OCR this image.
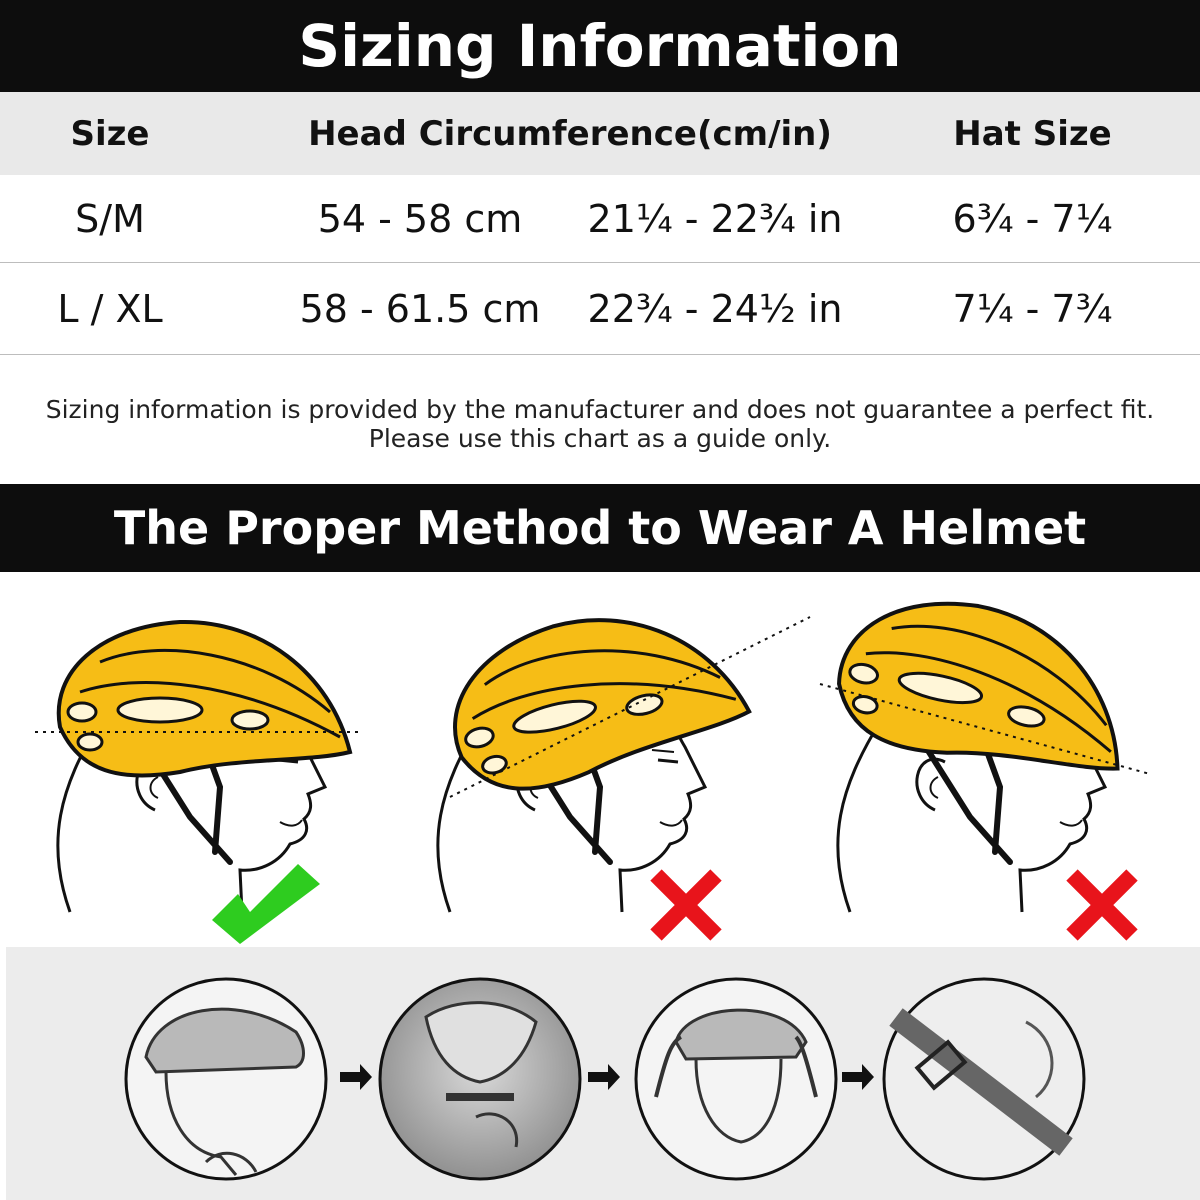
Sizing Information
Size	Head Circumference(cm/in)	Hat Size
S/M	54 - 58 cm	21¼ - 22¾ in	6¾ - 7¼
L / XL	58 - 61.5 cm	22¾ - 24½ in	7¼ - 7¾
Sizing information is provided by the manufacturer and does not guarantee a perfect fit.
Please use this chart as a guide only.
The Proper Method to Wear A Helmet
